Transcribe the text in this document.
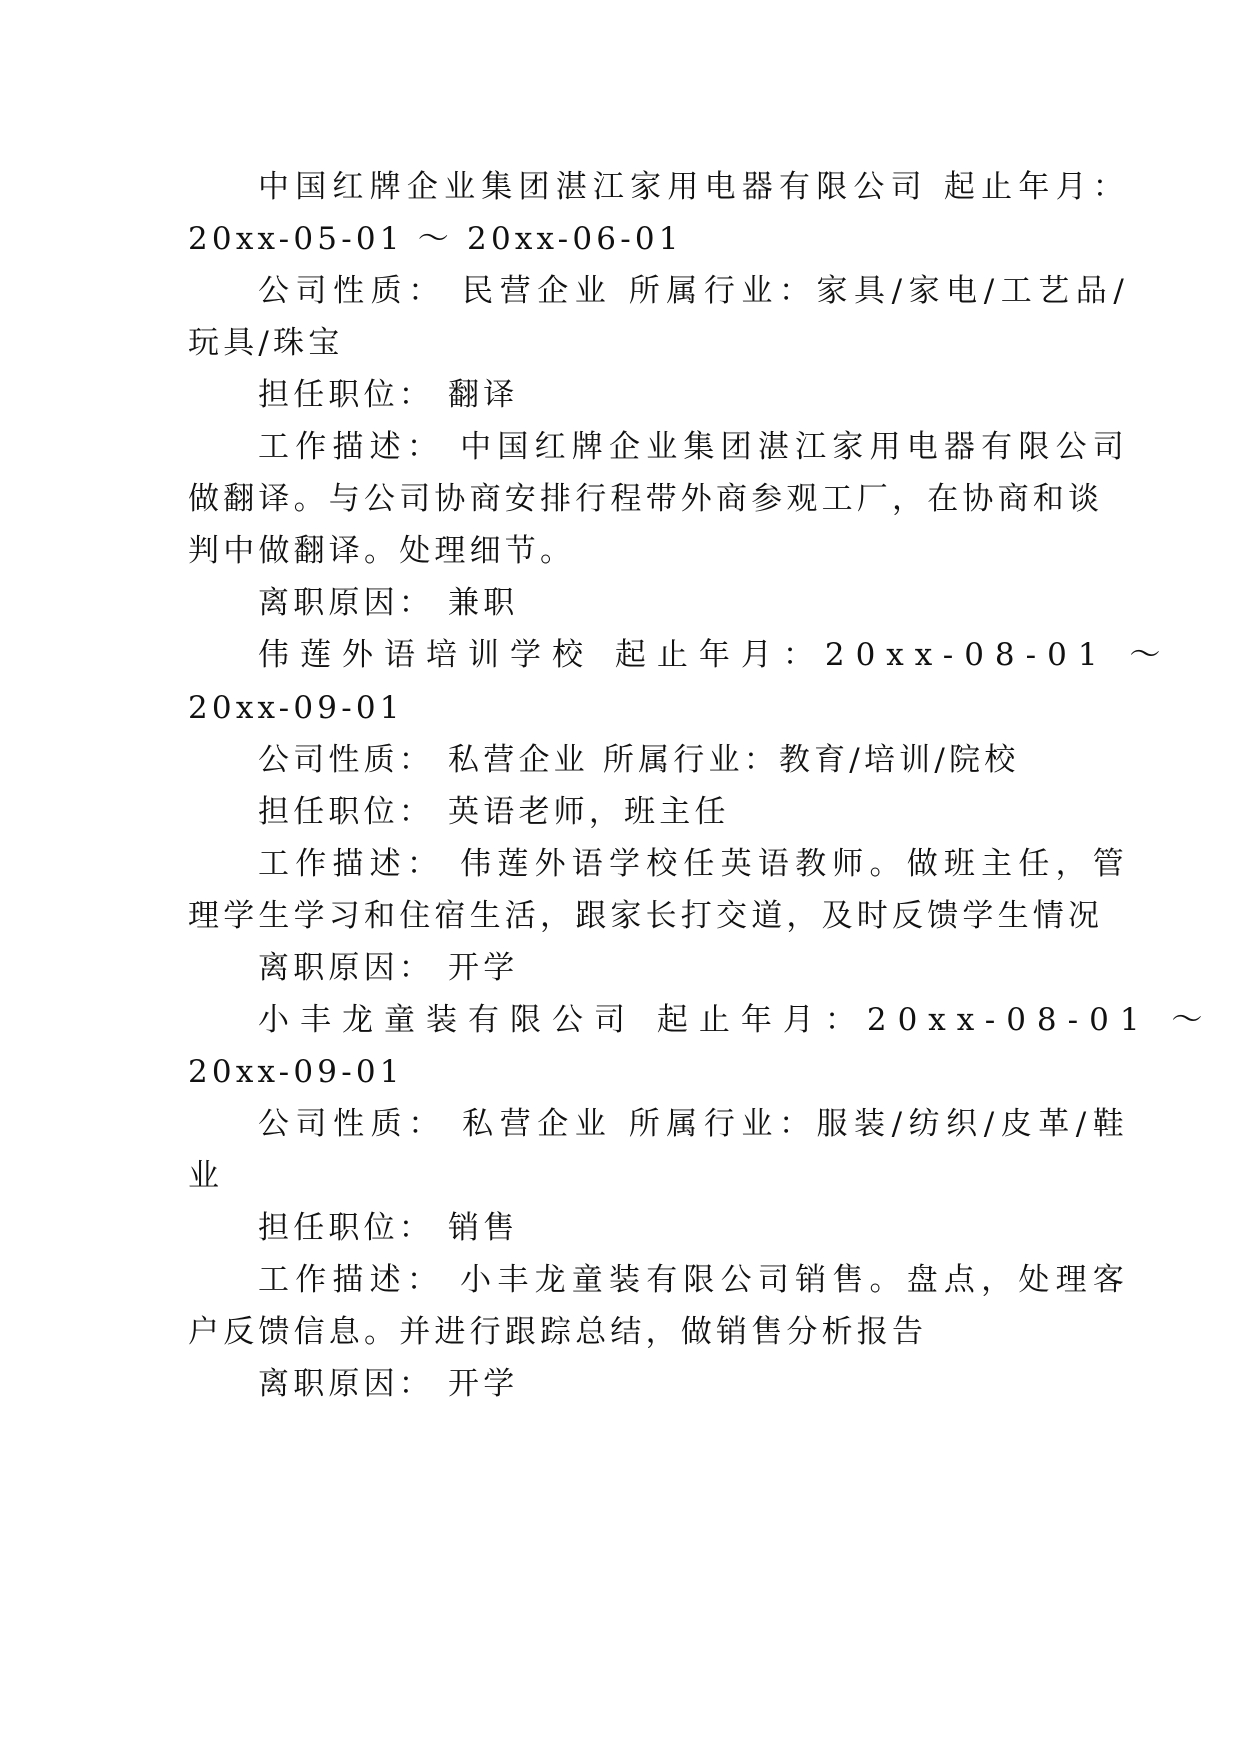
中国红牌企业集团湛江家用电器有限公司 起止年月：
20xx-05-01 ～ 20xx-06-01
公司性质： 民营企业 所属行业：家具/家电/工艺品/
玩具/珠宝
担任职位： 翻译
工作描述： 中国红牌企业集团湛江家用电器有限公司
做翻译。与公司协商安排行程带外商参观工厂，在协商和谈
判中做翻译。处理细节。
离职原因： 兼职
伟莲外语培训学校 起止年月：20xx-08-01 ～
20xx-09-01
公司性质： 私营企业 所属行业：教育/培训/院校
担任职位： 英语老师，班主任
工作描述： 伟莲外语学校任英语教师。做班主任，管
理学生学习和住宿生活，跟家长打交道，及时反馈学生情况
离职原因： 开学
小丰龙童装有限公司 起止年月：20xx-08-01 ～
20xx-09-01
公司性质： 私营企业 所属行业：服装/纺织/皮革/鞋
业
担任职位： 销售
工作描述： 小丰龙童装有限公司销售。盘点，处理客
户反馈信息。并进行跟踪总结，做销售分析报告
离职原因： 开学
